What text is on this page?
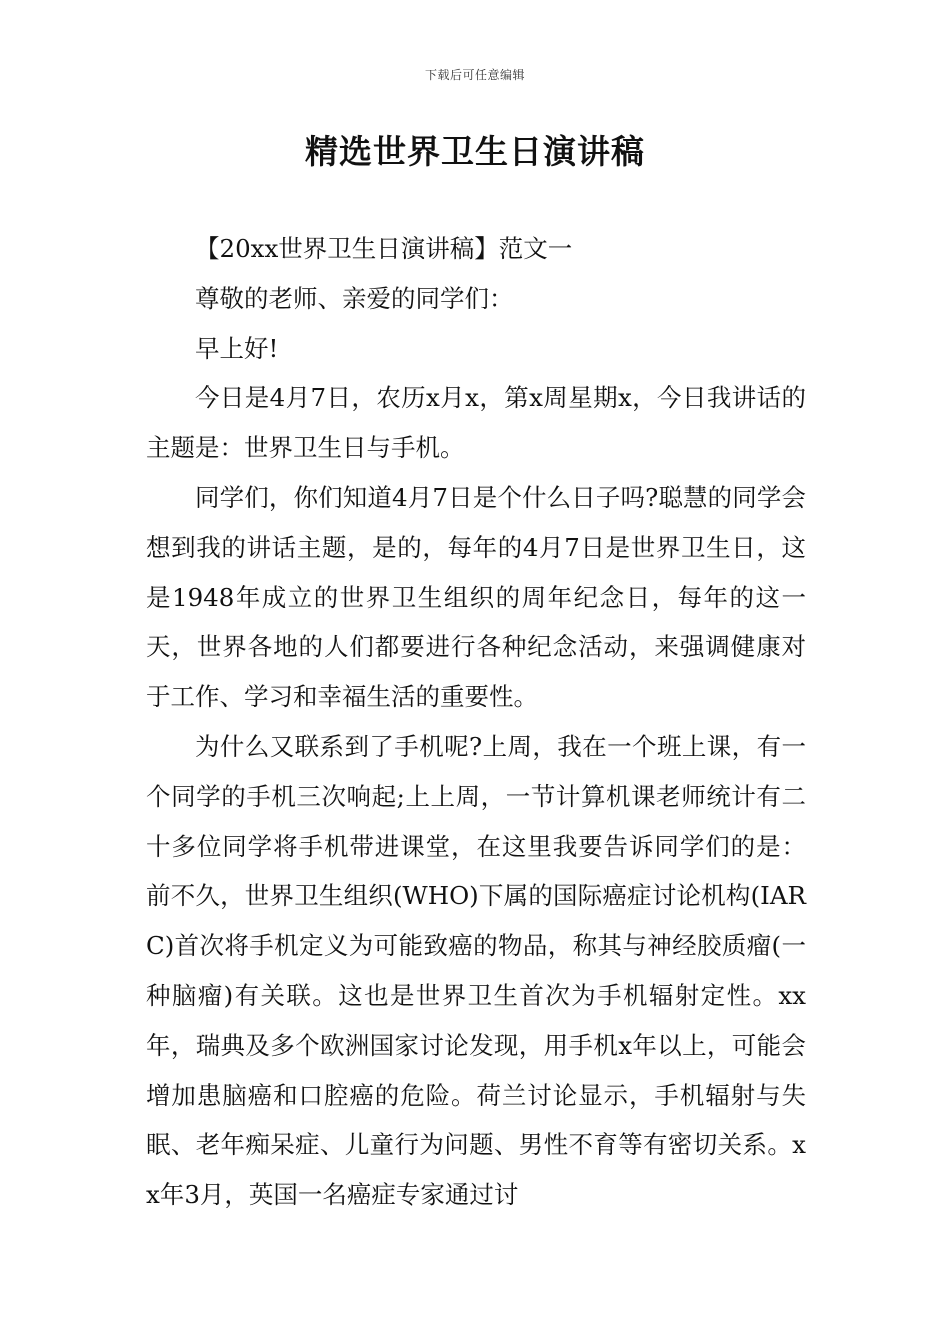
下载后可任意编辑
精选世界卫生日演讲稿

【20xx世界卫生日演讲稿】范文一

尊敬的老师、亲爱的同学们：

早上好!

今日是4月7日，农历x月x，第x周星期x，今日我讲话的主题是：世界卫生日与手机。

同学们，你们知道4月7日是个什么日子吗?聪慧的同学会想到我的讲话主题，是的，每年的4月7日是世界卫生日，这是1948年成立的世界卫生组织的周年纪念日，每年的这一天，世界各地的人们都要进行各种纪念活动，来强调健康对于工作、学习和幸福生活的重要性。

为什么又联系到了手机呢?上周，我在一个班上课，有一个同学的手机三次响起;上上周，一节计算机课老师统计有二十多位同学将手机带进课堂，在这里我要告诉同学们的是：前不久，世界卫生组织(WHO)下属的国际癌症讨论机构(IARC)首次将手机定义为可能致癌的物品，称其与神经胶质瘤(一种脑瘤)有关联。这也是世界卫生首次为手机辐射定性。xx年，瑞典及多个欧洲国家讨论发现，用手机x年以上，可能会增加患脑癌和口腔癌的危险。荷兰讨论显示，手机辐射与失眠、老年痴呆症、儿童行为问题、男性不育等有密切关系。xx年3月，英国一名癌症专家通过讨
